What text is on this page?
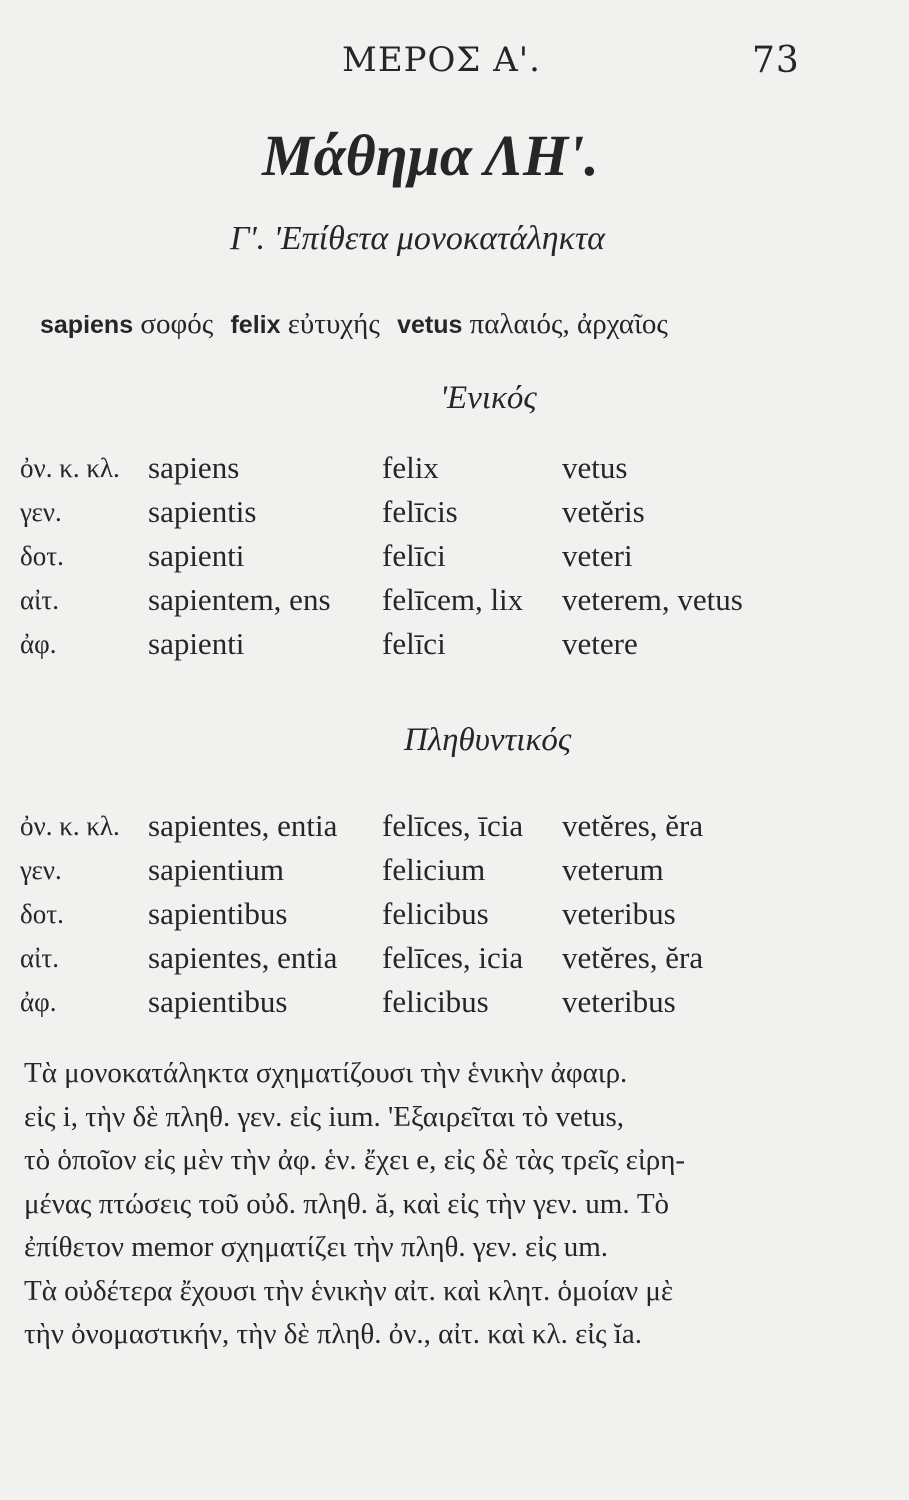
ΜΕΡΟΣ Α'.	73
Μάθημα ΛΗ'.
Γ'. 'Επίθετα μονοκατάληκτα
sapiens σοφός felix εὐτυχής vetus παλαιός, ἀρχαῖος
'Ενικός
ὀν. κ. κλ.	sapiens	felix	vetus
γεν.	sapientis	felīcis	vetĕris
δοτ.	sapienti	felīci	veteri
αἰτ.	sapientem, ens	felīcem, lix	veterem, vetus
ἀφ.	sapienti	felīci	vetere
Πληθυντικός
ὀν. κ. κλ.	sapientes, entia	felīces, īcia	vetĕres, ĕra
γεν.	sapientium	felicium	veterum
δοτ.	sapientibus	felicibus	veteribus
αἰτ.	sapientes, entia	felīces, icia	vetĕres, ĕra
ἀφ.	sapientibus	felicibus	veteribus

Τὰ μονοκατάληκτα σχηματίζουσι τὴν ἑνικὴν ἀφαιρ.

εἰς i, τὴν δὲ πληθ. γεν. εἰς ium. 'Εξαιρεῖται τὸ vetus,

τὸ ὁποῖον εἰς μὲν τὴν ἀφ. ἑν. ἔχει e, εἰς δὲ τὰς τρεῖς εἰρη-

μένας πτώσεις τοῦ οὐδ. πληθ. ă, καὶ εἰς τὴν γεν. um. Τὸ

ἐπίθετον memor σχηματίζει τὴν πληθ. γεν. εἰς um.

Τὰ οὐδέτερα ἔχουσι τὴν ἑνικὴν αἰτ. καὶ κλητ. ὁμοίαν μὲ

τὴν ὀνομαστικήν, τὴν δὲ πληθ. ὀν., αἰτ. καὶ κλ. εἰς ĭa.
